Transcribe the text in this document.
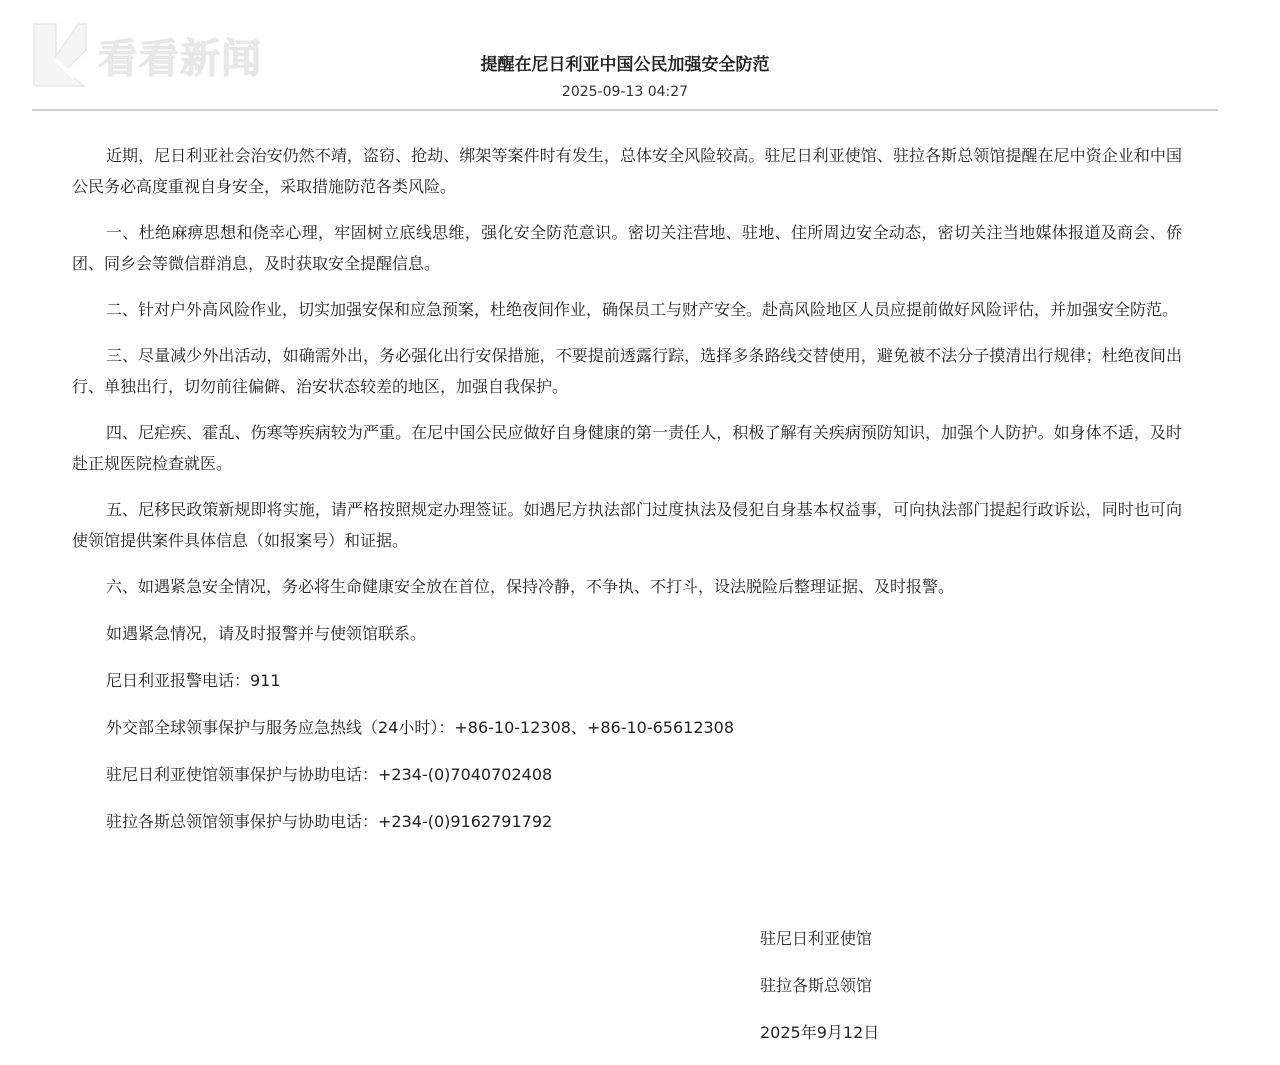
看看新闻	提醒在尼日利亚中国公民加强安全防范
2025-09-13 04:27

近期，尼日利亚社会治安仍然不靖，盗窃、抢劫、绑架等案件时有发生，总体安全风险较高。驻尼日利亚使馆、驻拉各斯总领馆提醒在尼中资企业和中国公民务必高度重视自身安全，采取措施防范各类风险。

一、杜绝麻痹思想和侥幸心理，牢固树立底线思维，强化安全防范意识。密切关注营地、驻地、住所周边安全动态，密切关注当地媒体报道及商会、侨团、同乡会等微信群消息，及时获取安全提醒信息。

二、针对户外高风险作业，切实加强安保和应急预案，杜绝夜间作业，确保员工与财产安全。赴高风险地区人员应提前做好风险评估，并加强安全防范。

三、尽量减少外出活动，如确需外出，务必强化出行安保措施，不要提前透露行踪，选择多条路线交替使用，避免被不法分子摸清出行规律；杜绝夜间出行、单独出行，切勿前往偏僻、治安状态较差的地区，加强自我保护。

四、尼疟疾、霍乱、伤寒等疾病较为严重。在尼中国公民应做好自身健康的第一责任人，积极了解有关疾病预防知识，加强个人防护。如身体不适，及时赴正规医院检查就医。

五、尼移民政策新规即将实施，请严格按照规定办理签证。如遇尼方执法部门过度执法及侵犯自身基本权益事，可向执法部门提起行政诉讼，同时也可向使领馆提供案件具体信息（如报案号）和证据。

六、如遇紧急安全情况，务必将生命健康安全放在首位，保持冷静，不争执、不打斗，设法脱险后整理证据、及时报警。

如遇紧急情况，请及时报警并与使领馆联系。

尼日利亚报警电话：911

外交部全球领事保护与服务应急热线（24小时）：+86-10-12308、+86-10-65612308

驻尼日利亚使馆领事保护与协助电话：+234-(0)7040702408

驻拉各斯总领馆领事保护与协助电话：+234-(0)9162791792

驻尼日利亚使馆
驻拉各斯总领馆
2025年9月12日
